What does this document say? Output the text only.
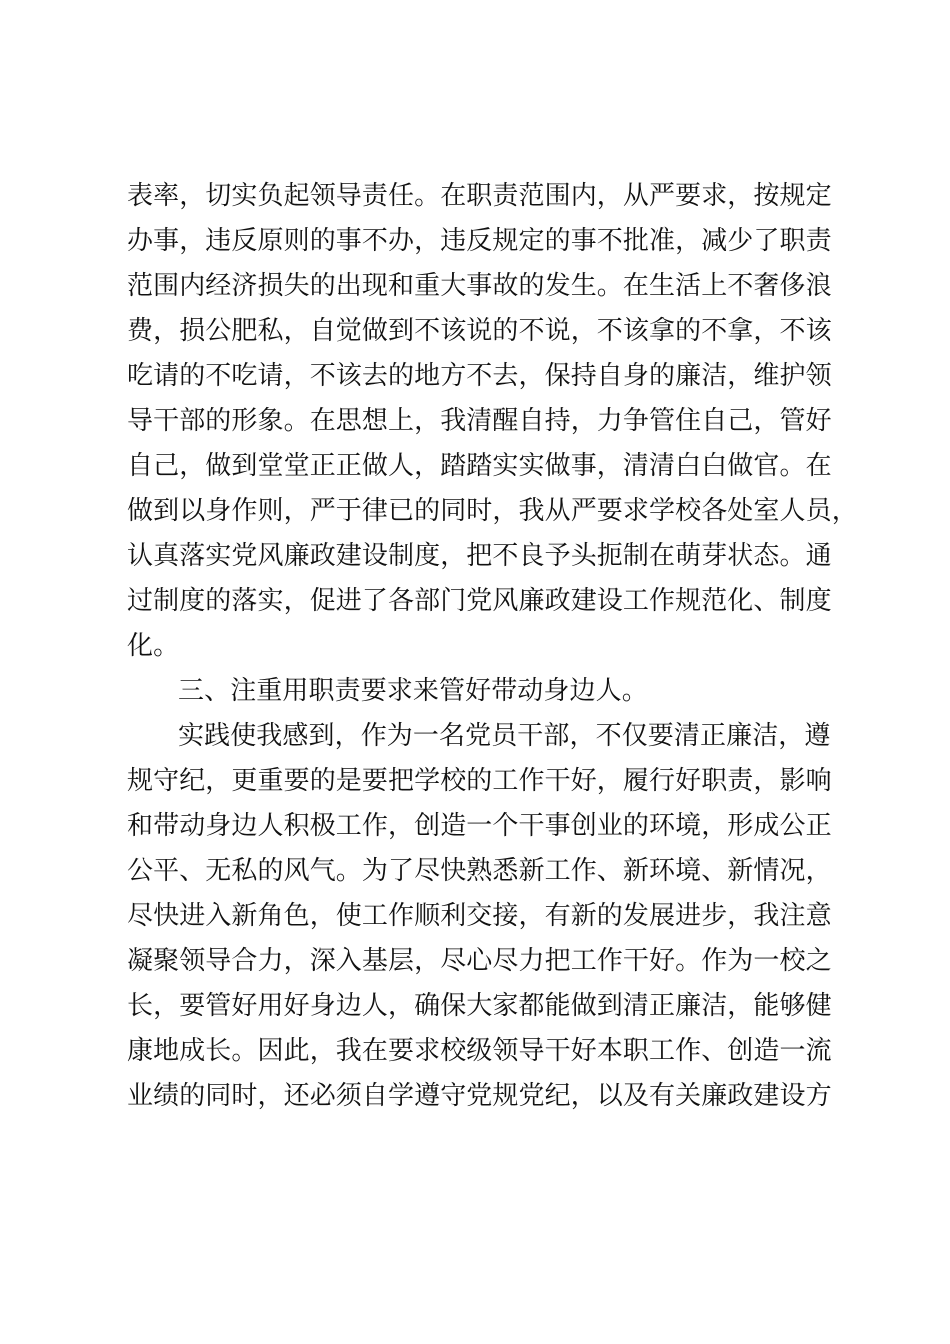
表率，切实负起领导责任。在职责范围内，从严要求，按规定
办事，违反原则的事不办，违反规定的事不批准，减少了职责
范围内经济损失的出现和重大事故的发生。在生活上不奢侈浪
费，损公肥私，自觉做到不该说的不说，不该拿的不拿，不该
吃请的不吃请，不该去的地方不去，保持自身的廉洁，维护领
导干部的形象。在思想上，我清醒自持，力争管住自己，管好
自己，做到堂堂正正做人，踏踏实实做事，清清白白做官。在
做到以身作则，严于律已的同时，我从严要求学校各处室人员，
认真落实党风廉政建设制度，把不良予头扼制在萌芽状态。通
过制度的落实，促进了各部门党风廉政建设工作规范化、制度
化。
三、注重用职责要求来管好带动身边人。
实践使我感到，作为一名党员干部，不仅要清正廉洁，遵
规守纪，更重要的是要把学校的工作干好，履行好职责，影响
和带动身边人积极工作，创造一个干事创业的环境，形成公正
公平、无私的风气。为了尽快熟悉新工作、新环境、新情况，
尽快进入新角色，使工作顺利交接，有新的发展进步，我注意
凝聚领导合力，深入基层，尽心尽力把工作干好。作为一校之
长，要管好用好身边人，确保大家都能做到清正廉洁，能够健
康地成长。因此，我在要求校级领导干好本职工作、创造一流
业绩的同时，还必须自学遵守党规党纪，以及有关廉政建设方
